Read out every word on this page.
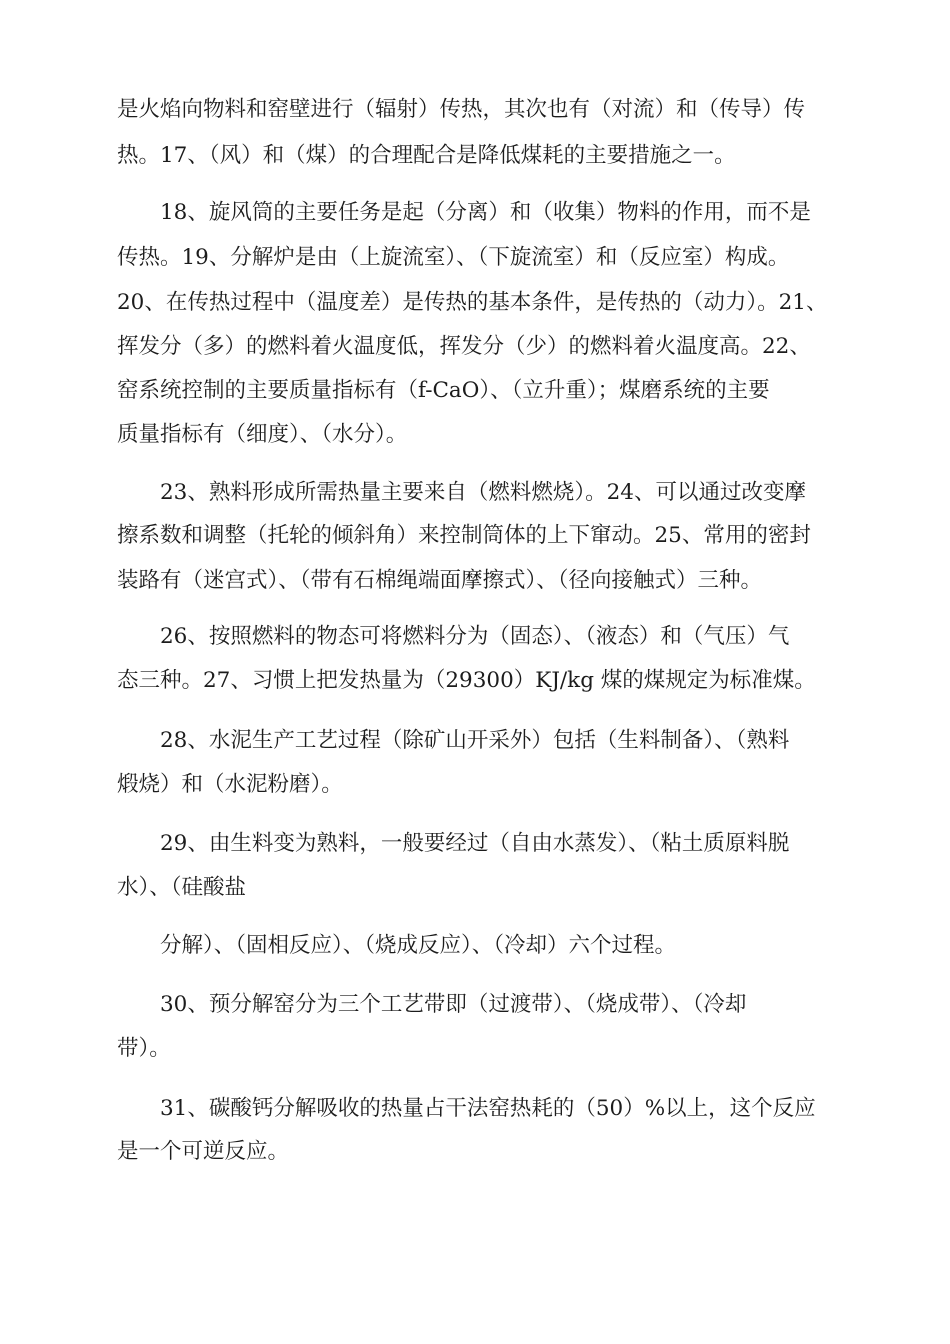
是火焰向物料和窑壁进行（辐射）传热，其次也有（对流）和（传导）传

热。17、（风）和（煤）的合理配合是降低煤耗的主要措施之一。

18、旋风筒的主要任务是起（分离）和（收集）物料的作用，而不是

传热。19、分解炉是由（上旋流室）、（下旋流室）和（反应室）构成。

20、在传热过程中（温度差）是传热的基本条件，是传热的（动力）。21、

挥发分（多）的燃料着火温度低，挥发分（少）的燃料着火温度高。22、

窑系统控制的主要质量指标有（f-CaO）、（立升重）；煤磨系统的主要

质量指标有（细度）、（水分）。

23、熟料形成所需热量主要来自（燃料燃烧）。24、可以通过改变摩

擦系数和调整（托轮的倾斜角）来控制筒体的上下窜动。25、常用的密封

装路有（迷宫式）、（带有石棉绳端面摩擦式）、（径向接触式）三种。

26、按照燃料的物态可将燃料分为（固态）、（液态）和（气压）气

态三种。27、习惯上把发热量为（29300）KJ/kg 煤的煤规定为标准煤。

28、水泥生产工艺过程（除矿山开采外）包括（生料制备）、（熟料

煅烧）和（水泥粉磨）。

29、由生料变为熟料，一般要经过（自由水蒸发）、（粘土质原料脱

水）、（硅酸盐

分解）、（固相反应）、（烧成反应）、（冷却）六个过程。

30、预分解窑分为三个工艺带即（过渡带）、（烧成带）、（冷却

带）。

31、碳酸钙分解吸收的热量占干法窑热耗的（50）%以上，这个反应

是一个可逆反应。
